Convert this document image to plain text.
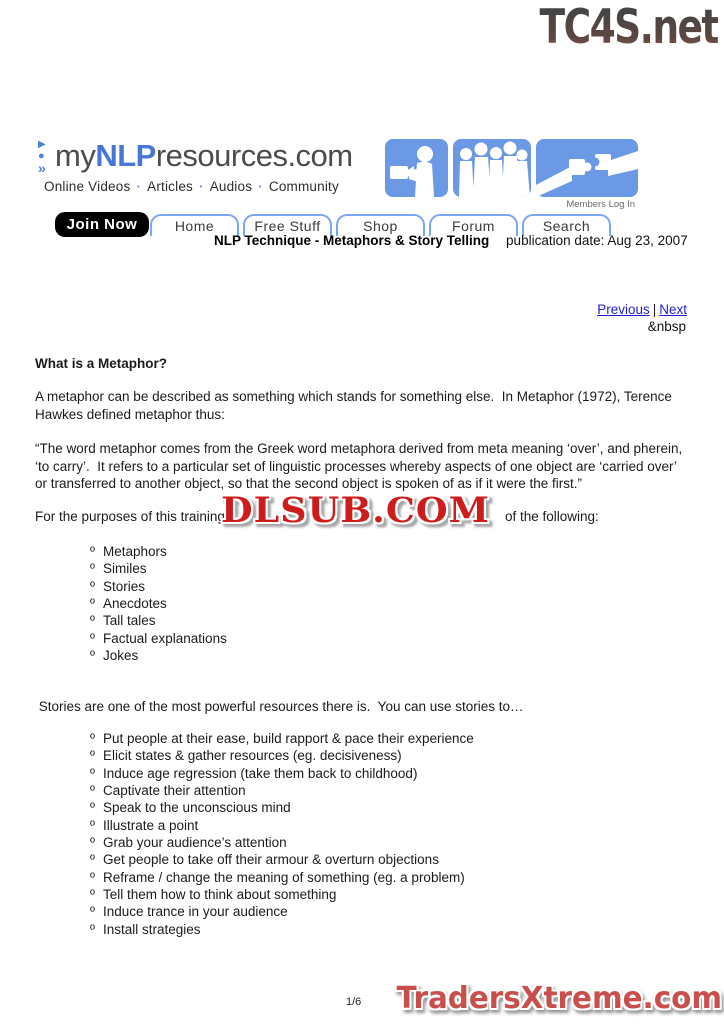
TC4S.net
▶
●
» myNLPresources.com
Online Videos · Articles · Audios · Community
Members Log In
Join Now	Home	Free Stuff	Shop	Forum	Search
NLP Technique - Metaphors & Story Telling publication date: Aug 23, 2007
Previous | Next
&nbsp
What is a Metaphor?
A metaphor can be described as something which stands for something else.  In Metaphor (1972), Terence Hawkes defined metaphor thus:
“The word metaphor comes from the Greek word metaphora derived from meta meaning ‘over’, and pherein, ‘to carry’.  It refers to a particular set of linguistic processes whereby aspects of one object are ‘carried over’ or transferred to another object, so that the second object is spoken of as if it were the first.”
For the purposes of this training	of the following:
DLSUB.COM
º Metaphors
º Similes
º Stories
º Anecdotes
º Tall tales
º Factual explanations
º Jokes
Stories are one of the most powerful resources there is.  You can use stories to…
º Put people at their ease, build rapport & pace their experience
º Elicit states & gather resources (eg. decisiveness)
º Induce age regression (take them back to childhood)
º Captivate their attention
º Speak to the unconscious mind
º Illustrate a point
º Grab your audience’s attention
º Get people to take off their armour & overturn objections
º Reframe / change the meaning of something (eg. a problem)
º Tell them how to think about something
º Induce trance in your audience
º Install strategies
1/6 TradersXtreme.com
